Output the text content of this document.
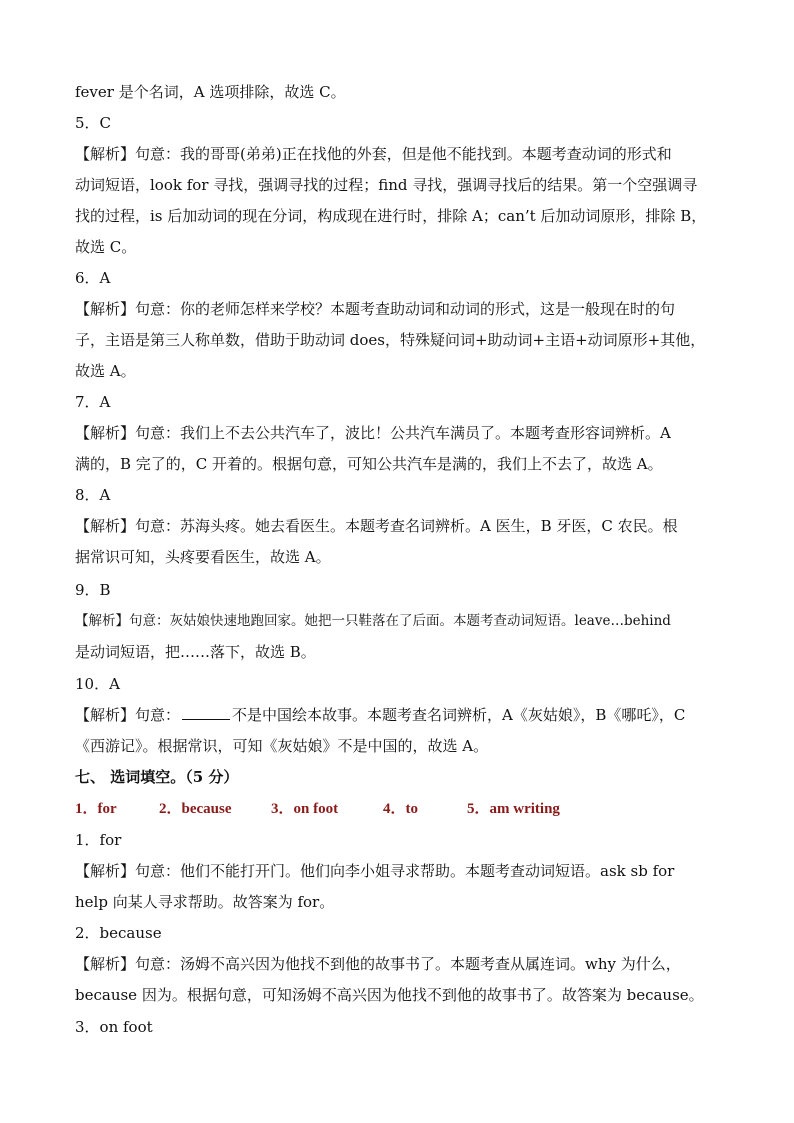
fever 是个名词，A 选项排除，故选 C。
5．C
【解析】句意：我的哥哥(弟弟)正在找他的外套，但是他不能找到。本题考查动词的形式和
动词短语，look for 寻找，强调寻找的过程；find 寻找，强调寻找后的结果。第一个空强调寻
找的过程，is 后加动词的现在分词，构成现在进行时，排除 A；can’t 后加动词原形，排除 B，
故选 C。
6．A
【解析】句意：你的老师怎样来学校？本题考查助动词和动词的形式，这是一般现在时的句
子，主语是第三人称单数，借助于助动词 does，特殊疑问词+助动词+主语+动词原形+其他，
故选 A。
7．A
【解析】句意：我们上不去公共汽车了，波比！公共汽车满员了。本题考查形容词辨析。A
满的，B 完了的，C 开着的。根据句意，可知公共汽车是满的，我们上不去了，故选 A。
8．A
【解析】句意：苏海头疼。她去看医生。本题考查名词辨析。A 医生，B 牙医，C 农民。根
据常识可知，头疼要看医生，故选 A。
9．B
【解析】句意：灰姑娘快速地跑回家。她把一只鞋落在了后面。本题考查动词短语。leave…behind
是动词短语，把……落下，故选 B。
10．A
【解析】句意：	不是中国绘本故事。本题考查名词辨析，A《灰姑娘》，B《哪吒》，C
《西游记》。根据常识，可知《灰姑娘》不是中国的，故选 A。
七、 选词填空。（5 分）
1．for	2．because	3．on foot	4．to	5．am writing
1．for
【解析】句意：他们不能打开门。他们向李小姐寻求帮助。本题考查动词短语。ask sb for
help 向某人寻求帮助。故答案为 for。
2．because
【解析】句意：汤姆不高兴因为他找不到他的故事书了。本题考查从属连词。why 为什么，
because 因为。根据句意，可知汤姆不高兴因为他找不到他的故事书了。故答案为 because。
3．on foot
